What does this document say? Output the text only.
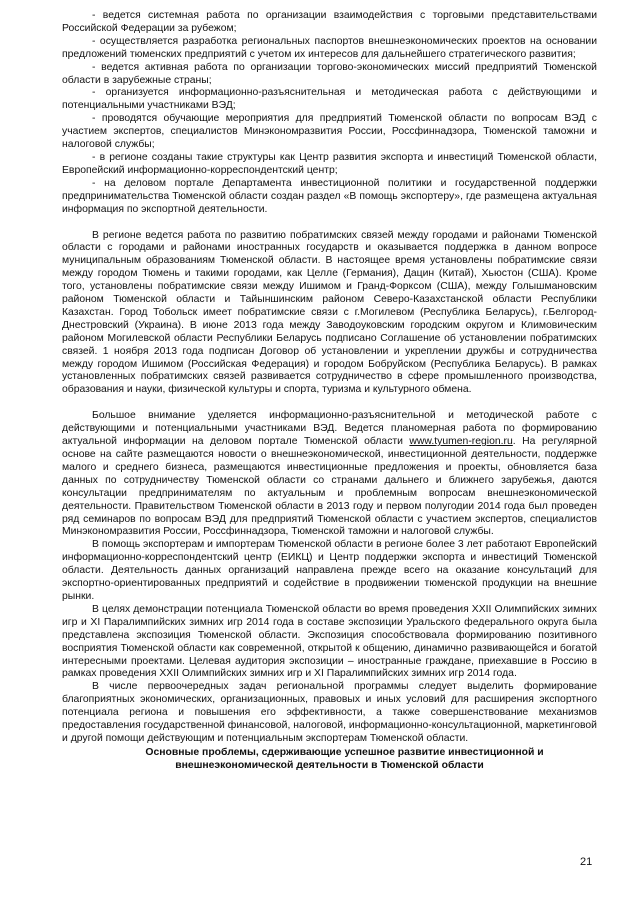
- ведется системная работа по организации взаимодействия с торговыми представительствами Российской Федерации за рубежом;

- осуществляется разработка региональных паспортов внешнеэкономических проектов на основании предложений тюменских предприятий с учетом их интересов для дальнейшего стратегического развития;

- ведется активная работа по организации торгово-экономических миссий предприятий Тюменской области в зарубежные страны;

- организуется информационно-разъяснительная и методическая работа с действующими и потенциальными участниками ВЭД;

- проводятся обучающие мероприятия для предприятий Тюменской области по вопросам ВЭД с участием экспертов, специалистов Минэкономразвития России, Россфиннадзора, Тюменской таможни и налоговой службы;

- в регионе созданы такие структуры как Центр развития экспорта и инвестиций Тюменской области, Европейский информационно-корреспондентский центр;

- на деловом портале Департамента инвестиционной политики и государственной поддержки предпринимательства Тюменской области создан раздел «В помощь экспортеру», где размещена актуальная информация по экспортной деятельности.

В регионе ведется работа по развитию побратимских связей между городами и районами Тюменской области с городами и районами иностранных государств и оказывается поддержка в данном вопросе муниципальным образованиям Тюменской области. В настоящее время установлены побратимские связи между городом Тюмень и такими городами, как Целле (Германия), Дацин (Китай), Хьюстон (США). Кроме того, установлены побратимские связи между Ишимом и Гранд-Форксом (США), между Голышмановским районом Тюменской области и Тайыншинским районом Северо-Казахстанской области Республики Казахстан. Город Тобольск имеет побратимские связи с г.Могилевом (Республика Беларусь), г.Белгород-Днестровский (Украина). В июне 2013 года между Заводоуковским городским округом и Климовическим районом Могилевской области Республики Беларусь подписано Соглашение об установлении побратимских связей. 1 ноября 2013 года подписан Договор об установлении и укреплении дружбы и сотрудничества между городом Ишимом (Российская Федерация) и городом Бобруйском (Республика Беларусь). В рамках установленных побратимских связей развивается сотрудничество в сфере промышленного производства, образования и науки, физической культуры и спорта, туризма и культурного обмена.

Большое внимание уделяется информационно-разъяснительной и методической работе с действующими и потенциальными участниками ВЭД. Ведется планомерная работа по формированию актуальной информации на деловом портале Тюменской области www.tyumen-region.ru. На регулярной основе на сайте размещаются новости о внешнеэкономической, инвестиционной деятельности, поддержке малого и среднего бизнеса, размещаются инвестиционные предложения и проекты, обновляется база данных по сотрудничеству Тюменской области со странами дальнего и ближнего зарубежья, даются консультации предпринимателям по актуальным и проблемным вопросам внешнеэкономической деятельности. Правительством Тюменской области в 2013 году и первом полугодии 2014 года был проведен ряд семинаров по вопросам ВЭД для предприятий Тюменской области с участием экспертов, специалистов Минэкономразвития России, Россфиннадзора, Тюменской таможни и налоговой службы.

В помощь экспортерам и импортерам Тюменской области в регионе более 3 лет работают Европейский информационно-корреспондентский центр (ЕИКЦ) и Центр поддержки экспорта и инвестиций Тюменской области. Деятельность данных организаций направлена прежде всего на оказание консультаций для экспортно-ориентированных предприятий и содействие в продвижении тюменской продукции на внешние рынки.

В целях демонстрации потенциала Тюменской области во время проведения XXII Олимпийских зимних игр и XI Паралимпийских зимних игр 2014 года в составе экспозиции Уральского федерального округа была представлена экспозиция Тюменской области. Экспозиция способствовала формированию позитивного восприятия Тюменской области как современной, открытой к общению, динамично развивающейся и богатой интересными проектами. Целевая аудитория экспозиции – иностранные граждане, приехавшие в Россию в рамках проведения XXII Олимпийских зимних игр и XI Паралимпийских зимних игр 2014 года.

В числе первоочередных задач региональной программы следует выделить формирование благоприятных экономических, организационных, правовых и иных условий для расширения экспортного потенциала региона и повышения его эффективности, а также совершенствование механизмов предоставления государственной финансовой, налоговой, информационно-консультационной, маркетинговой и другой помощи действующим и потенциальным экспортерам Тюменской области.

Основные проблемы, сдерживающие успешное развитие инвестиционной и внешнеэкономической деятельности в Тюменской области

21
